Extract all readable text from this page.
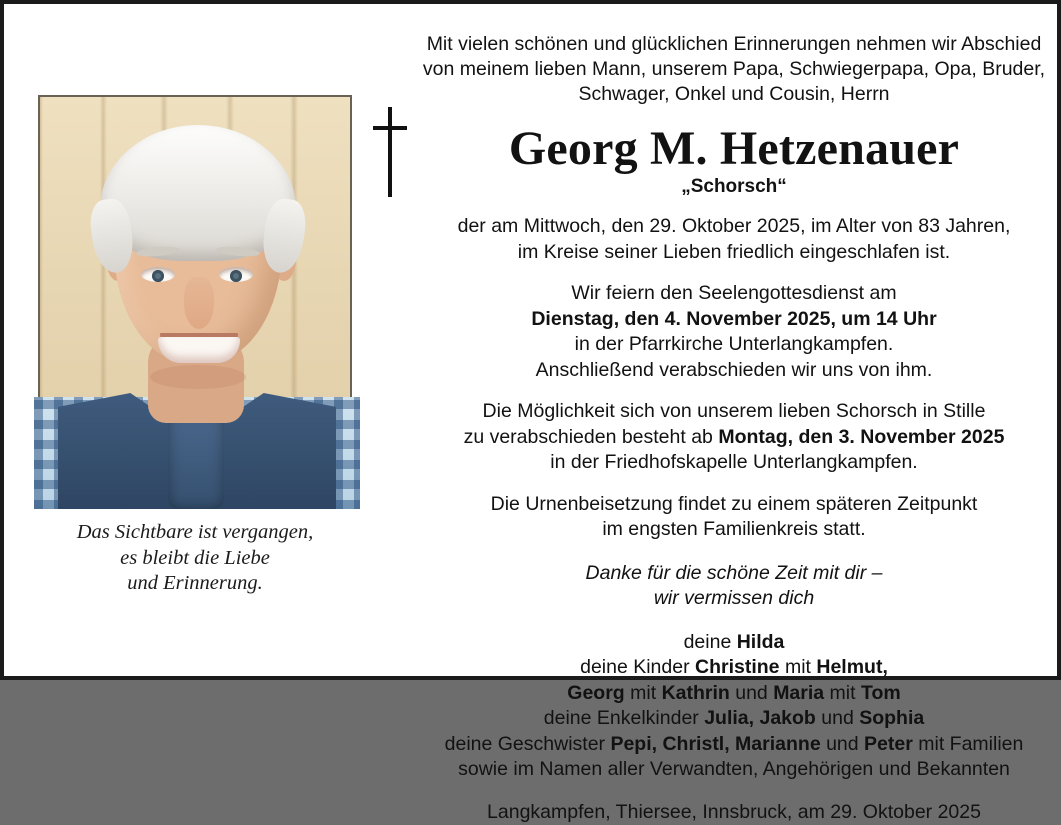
Das Sichtbare ist vergangen,
es bleibt die Liebe
und Erinnerung.
Mit vielen schönen und glücklichen Erinnerungen nehmen wir Abschied
von meinem lieben Mann, unserem Papa, Schwiegerpapa, Opa, Bruder,
Schwager, Onkel und Cousin, Herrn
Georg M. Hetzenauer
„Schorsch“
der am Mittwoch, den 29. Oktober 2025, im Alter von 83 Jahren,
im Kreise seiner Lieben friedlich eingeschlafen ist.
Wir feiern den Seelengottesdienst am
Dienstag, den 4. November 2025, um 14 Uhr
in der Pfarrkirche Unterlangkampfen.
Anschließend verabschieden wir uns von ihm.
Die Möglichkeit sich von unserem lieben Schorsch in Stille
zu verabschieden besteht ab Montag, den 3. November 2025
in der Friedhofskapelle Unterlangkampfen.
Die Urnenbeisetzung findet zu einem späteren Zeitpunkt
im engsten Familienkreis statt.
Danke für die schöne Zeit mit dir –
wir vermissen dich
deine Hilda
deine Kinder Christine mit Helmut,
Georg mit Kathrin und Maria mit Tom
deine Enkelkinder Julia, Jakob und Sophia
deine Geschwister Pepi, Christl, Marianne und Peter mit Familien
sowie im Namen aller Verwandten, Angehörigen und Bekannten
Langkampfen, Thiersee, Innsbruck, am 29. Oktober 2025
